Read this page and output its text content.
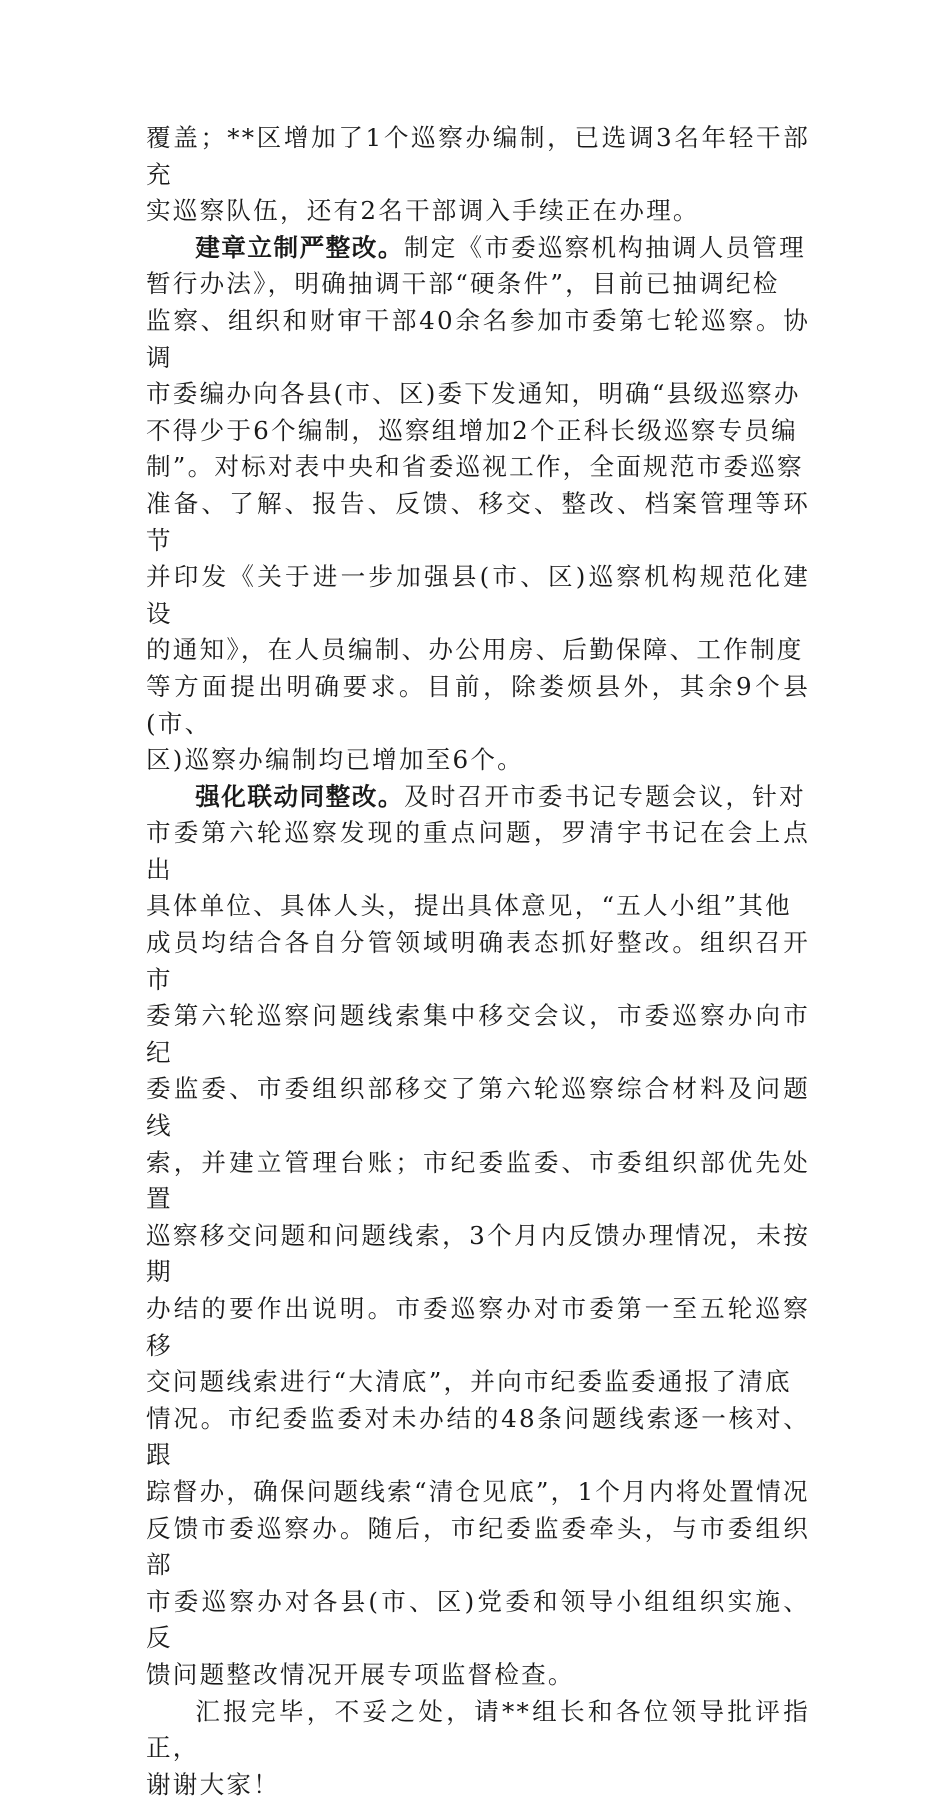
覆盖；**区增加了1个巡察办编制，已选调3名年轻干部充
实巡察队伍，还有2名干部调入手续正在办理。

建章立制严整改。制定《市委巡察机构抽调人员管理
暂行办法》，明确抽调干部“硬条件”，目前已抽调纪检
监察、组织和财审干部40余名参加市委第七轮巡察。协调
市委编办向各县(市、区)委下发通知，明确“县级巡察办
不得少于6个编制，巡察组增加2个正科长级巡察专员编
制”。对标对表中央和省委巡视工作，全面规范市委巡察
准备、了解、报告、反馈、移交、整改、档案管理等环节
并印发《关于进一步加强县(市、区)巡察机构规范化建设
的通知》，在人员编制、办公用房、后勤保障、工作制度
等方面提出明确要求。目前，除娄烦县外，其余9个县(市、
区)巡察办编制均已增加至6个。

强化联动同整改。及时召开市委书记专题会议，针对
市委第六轮巡察发现的重点问题，罗清宇书记在会上点出
具体单位、具体人头，提出具体意见，“五人小组”其他
成员均结合各自分管领域明确表态抓好整改。组织召开市
委第六轮巡察问题线索集中移交会议，市委巡察办向市纪
委监委、市委组织部移交了第六轮巡察综合材料及问题线
索，并建立管理台账；市纪委监委、市委组织部优先处置
巡察移交问题和问题线索，3个月内反馈办理情况，未按期
办结的要作出说明。市委巡察办对市委第一至五轮巡察移
交问题线索进行“大清底”，并向市纪委监委通报了清底
情况。市纪委监委对未办结的48条问题线索逐一核对、跟
踪督办，确保问题线索“清仓见底”，1个月内将处置情况
反馈市委巡察办。随后，市纪委监委牵头，与市委组织部
市委巡察办对各县(市、区)党委和领导小组组织实施、反
馈问题整改情况开展专项监督检查。

汇报完毕，不妥之处，请**组长和各位领导批评指正，
谢谢大家！
